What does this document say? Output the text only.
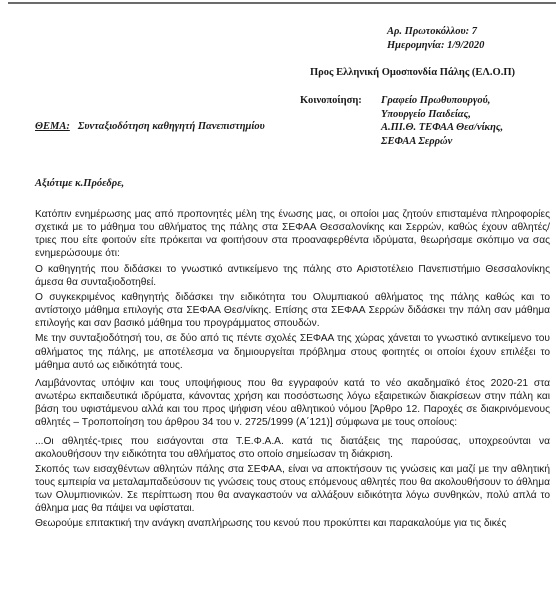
Αρ. Πρωτοκόλλου: 7
Ημερομηνία: 1/9/2020
Προς Ελληνική Ομοσπονδία Πάλης (ΕΛ.Ο.Π)
Κοινοποίηση: Γραφείο Πρωθυπουργού,
Υπουργείο Παιδείας,
Α.ΠΙ.Θ. ΤΕΦΑΑ Θεσ/νίκης,
ΣΕΦΑΑ Σερρών
ΘΕΜΑ: Συνταξιοδότηση καθηγητή Πανεπιστημίου
Αξιότιμε κ.Πρόεδρε,

Κατόπιν ενημέρωσης μας από προπονητές μέλη της ένωσης μας, οι οποίοι μας ζητούν επισταμένα πληροφορίες σχετικά με το μάθημα του αθλήματος της πάλης στα ΣΕΦΑΑ Θεσσαλονίκης και Σερρών, καθώς έχουν αθλητές/τριες που είτε φοιτούν είτε πρόκειται να φοιτήσουν στα προαναφερθέντα ιδρύματα, θεωρήσαμε σκόπιμο να σας ενημερώσουμε ότι:

Ο καθηγητής που διδάσκει το γνωστικό αντικείμενο της πάλης στο Αριστοτέλειο Πανεπιστήμιο Θεσσαλονίκης άμεσα θα συνταξιοδοτηθεί.

Ο συγκεκριμένος καθηγητής διδάσκει την ειδικότητα του Ολυμπιακού αθλήματος της πάλης καθώς και το αντίστοιχο μάθημα επιλογής στα ΣΕΦΑΑ Θεσ/νίκης. Επίσης στα ΣΕΦΑΑ Σερρών διδάσκει την πάλη σαν μάθημα επιλογής και σαν βασικό μάθημα του προγράμματος σπουδών.

Με την συνταξιοδότησή του, σε δύο από τις πέντε σχολές ΣΕΦΑΑ της χώρας χάνεται το γνωστικό αντικείμενο του αθλήματος της πάλης, με αποτέλεσμα να δημιουργείται πρόβλημα στους φοιτητές οι οποίοι έχουν επιλέξει το μάθημα αυτό ως ειδικότητά τους.

Λαμβάνοντας υπόψιν και τους υποψήφιους που θα εγγραφούν κατά το νέο ακαδημαϊκό έτος 2020-21 στα ανωτέρω εκπαιδευτικά ιδρύματα, κάνοντας χρήση και ποσόστωσης λόγω εξαιρετικών διακρίσεων στην πάλη και βάση του υφιστάμενου αλλά και του προς ψήφιση νέου αθλητικού νόμου [Άρθρο 12. Παροχές σε διακρινόμενους αθλητές – Τροποποίηση του άρθρου 34 του ν. 2725/1999 (Α΄121)] σύμφωνα με τους οποίους:

...Οι αθλητές-τριες που εισάγονται στα Τ.Ε.Φ.Α.Α. κατά τις διατάξεις της παρούσας, υποχρεούνται να ακολουθήσουν την ειδικότητα του αθλήματος στο οποίο σημείωσαν τη διάκριση.

Σκοπός των εισαχθέντων αθλητών πάλης στα ΣΕΦΑΑ, είναι να αποκτήσουν τις γνώσεις και μαζί με την αθλητική τους εμπειρία να μεταλαμπαδεύσουν τις γνώσεις τους στους επόμενους αθλητές που θα ακολουθήσουν το άθλημα των Ολυμπιονικών. Σε περίπτωση που θα αναγκαστούν να αλλάξουν ειδικότητα λόγω συνθηκών, πολύ απλά το άθλημα μας θα πάψει να υφίσταται.

Θεωρούμε επιτακτική την ανάγκη αναπλήρωσης του κενού που προκύπτει και παρακαλούμε για τις δικές
